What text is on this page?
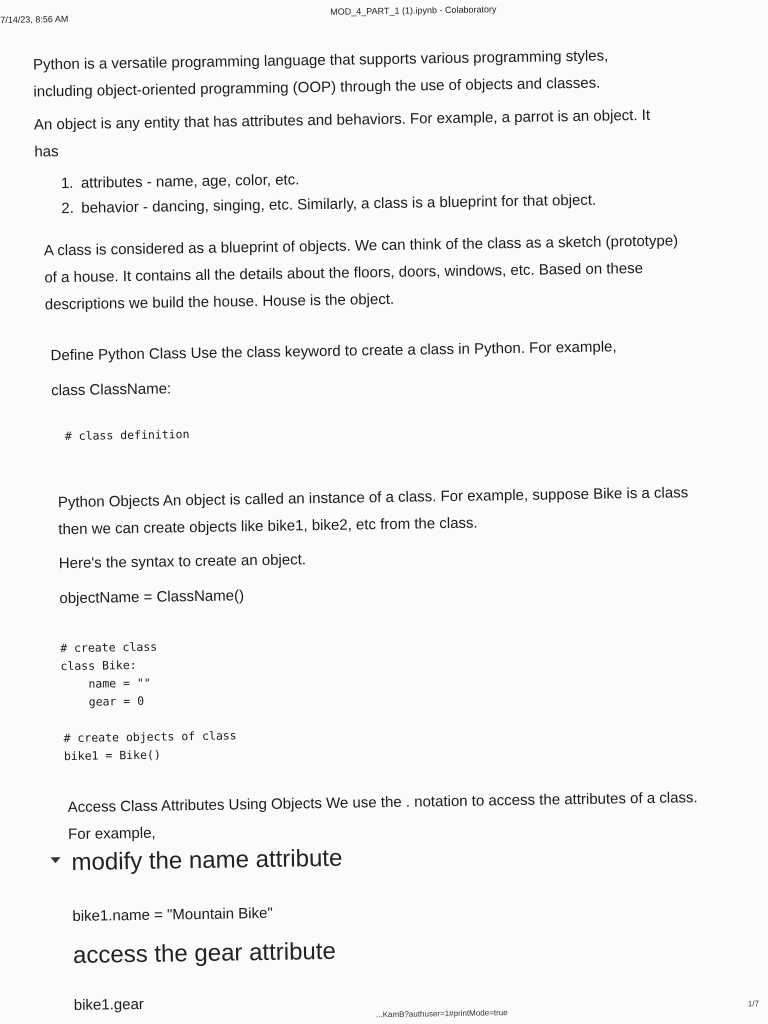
7/14/23, 8:56 AM
MOD_4_PART_1 (1).ipynb - Colaboratory

Python is a versatile programming language that supports various programming styles,

including object-oriented programming (OOP) through the use of objects and classes.

An object is any entity that has attributes and behaviors. For example, a parrot is an object. It

has

1. attributes - name, age, color, etc.
2. behavior - dancing, singing, etc. Similarly, a class is a blueprint for that object.

A class is considered as a blueprint of objects. We can think of the class as a sketch (prototype)

of a house. It contains all the details about the floors, doors, windows, etc. Based on these

descriptions we build the house. House is the object.

Define Python Class Use the class keyword to create a class in Python. For example,

class ClassName:

# class definition

Python Objects An object is called an instance of a class. For example, suppose Bike is a class

then we can create objects like bike1, bike2, etc from the class.

Here's the syntax to create an object.

objectName = ClassName()

# create class
class Bike:
name = ""
gear = 0
# create objects of class
bike1 = Bike()

Access Class Attributes Using Objects We use the . notation to access the attributes of a class.

For example,

modify the name attribute

bike1.name = "Mountain Bike"

access the gear attribute

bike1.gear	...KamB?authuser=1#printMode=true
1/7
